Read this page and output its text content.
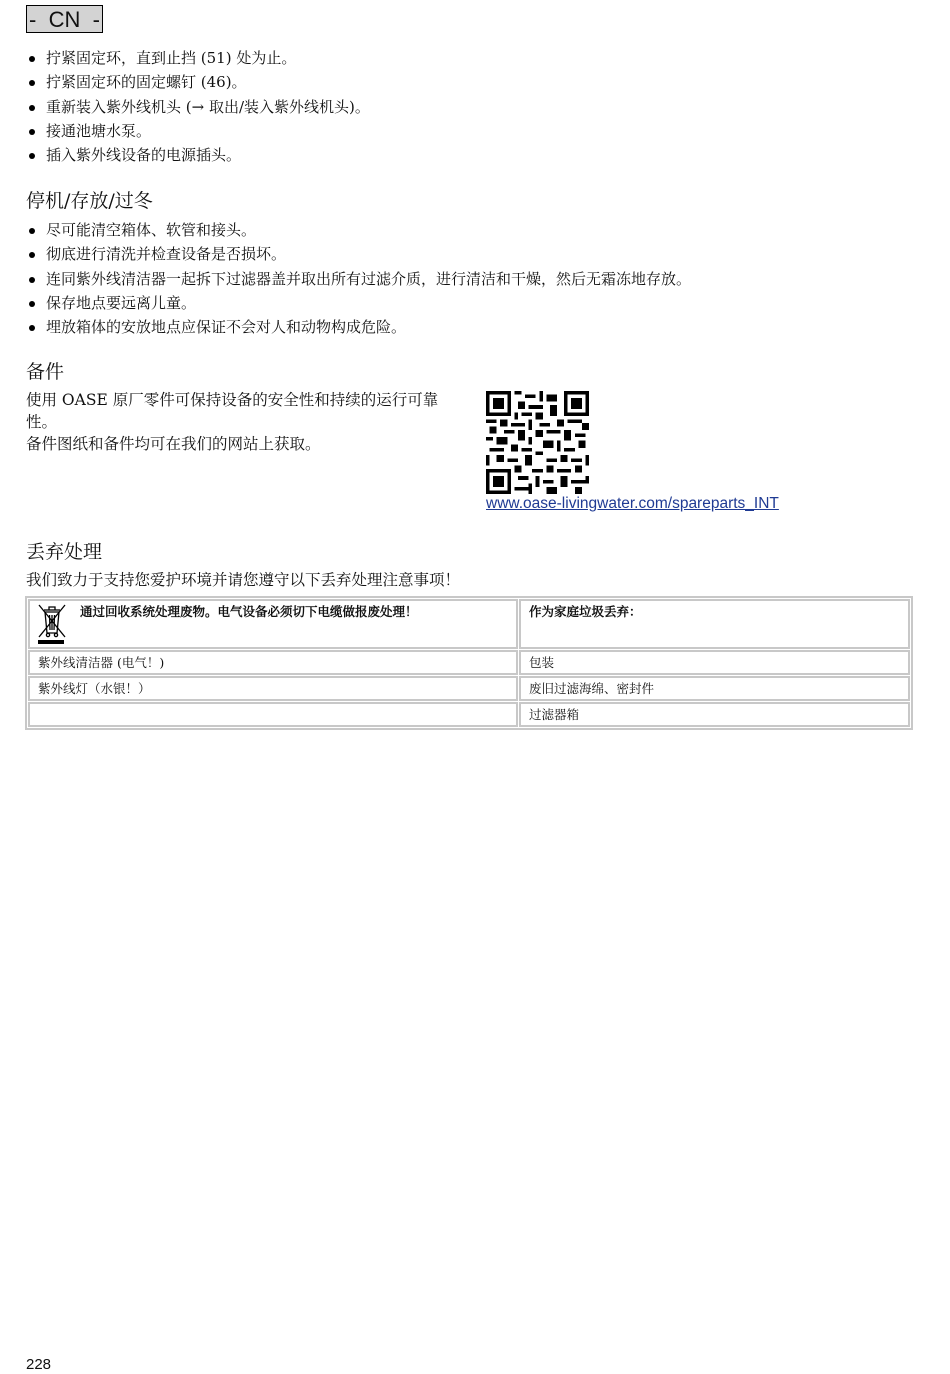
-  CN  -
拧紧固定环，直到止挡 (51) 处为止。
拧紧固定环的固定螺钉 (46)。
重新装入紫外线机头 (→ 取出/装入紫外线机头)。
接通池塘水泵。
插入紫外线设备的电源插头。
停机/存放/过冬
尽可能清空箱体、软管和接头。
彻底进行清洗并检查设备是否损坏。
连同紫外线清洁器一起拆下过滤器盖并取出所有过滤介质，进行清洁和干燥，然后无霜冻地存放。
保存地点要远离儿童。
埋放箱体的安放地点应保证不会对人和动物构成危险。
备件
使用 OASE 原厂零件可保持设备的安全性和持续的运行可靠性。
备件图纸和备件均可在我们的网站上获取。
www.oase-livingwater.com/spareparts_INT
丢弃处理
我们致力于支持您爱护环境并请您遵守以下丢弃处理注意事项！
通过回收系统处理废物。电气设备必须切下电缆做报废处理！	作为家庭垃圾丢弃：
紫外线清洁器 (电气！)	包装
紫外线灯（水银！）	废旧过滤海绵、密封件
	过滤器箱
228
